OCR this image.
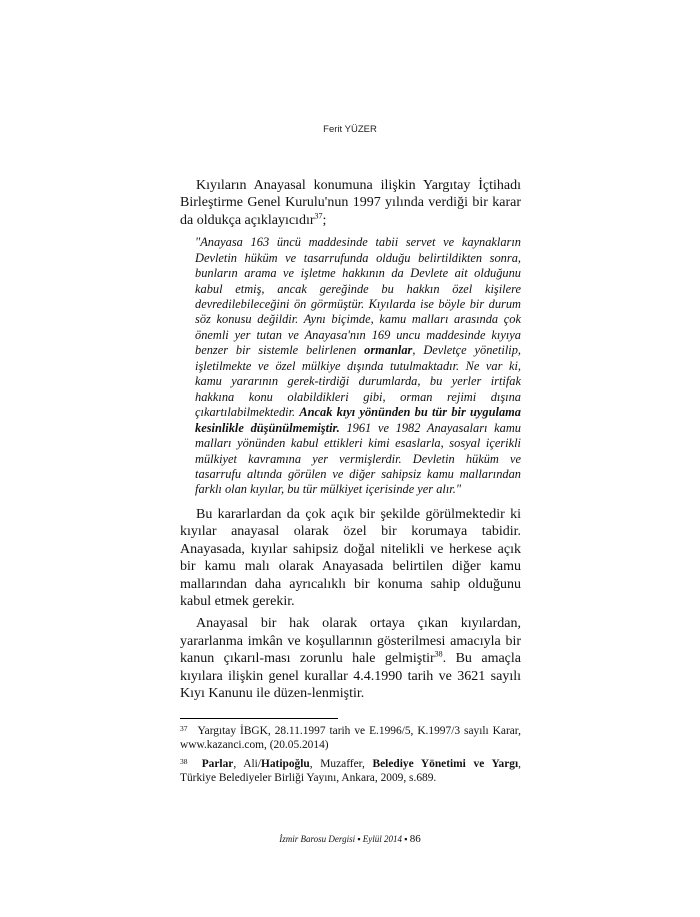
Ferit YÜZER

Kıyıların Anayasal konumuna ilişkin Yargıtay İçtihadı Birleştirme Genel Kurulu'nun 1997 yılında verdiği bir karar da oldukça açıklayıcıdır$^{37}$;

"Anayasa 163 üncü maddesinde tabii servet ve kaynakların Devletin hüküm ve tasarrufunda olduğu belirtildikten sonra, bunların arama ve işletme hakkının da Devlete ait olduğunu kabul etmiş, ancak gereğinde bu hakkın özel kişilere devredilebileceğini ön görmüştür. Kıyılarda ise böyle bir durum söz konusu değildir. Aynı biçimde, kamu malları arasında çok önemli yer tutan ve Anayasa'nın 169 uncu maddesinde kıyıya benzer bir sistemle belirlenen ormanlar, Devletçe yönetilip, işletilmekte ve özel mülkiye dışında tutulmaktadır. Ne var ki, kamu yararının gerek-tirdiği durumlarda, bu yerler irtifak hakkına konu olabildikleri gibi, orman rejimi dışına çıkartılabilmektedir. Ancak kıyı yönünden bu tür bir uygulama kesinlikle düşünülmemiştir. 1961 ve 1982 Anayasaları kamu malları yönünden kabul ettikleri kimi esaslarla, sosyal içerikli mülkiyet kavramına yer vermişlerdir. Devletin hüküm ve tasarrufu altında görülen ve diğer sahipsiz kamu mallarından farklı olan kıyılar, bu tür mülkiyet içerisinde yer alır."

Bu kararlardan da çok açık bir şekilde görülmektedir ki kıyılar anayasal olarak özel bir korumaya tabidir. Anayasada, kıyılar sahipsiz doğal nitelikli ve herkese açık bir kamu malı olarak Anayasada belirtilen diğer kamu mallarından daha ayrıcalıklı bir konuma sahip olduğunu kabul etmek gerekir.

Anayasal bir hak olarak ortaya çıkan kıyılardan, yararlanma imkân ve koşullarının gösterilmesi amacıyla bir kanun çıkarıl-ması zorunlu hale gelmiştir$^{38}$. Bu amaçla kıyılara ilişkin genel kurallar 4.4.1990 tarih ve 3621 sayılı Kıyı Kanunu ile düzen-lenmiştir.

37 Yargıtay İBGK, 28.11.1997 tarih ve E.1996/5, K.1997/3 sayılı Karar, www.kazanci.com, (20.05.2014)
38 Parlar, Ali/Hatipoğlu, Muzaffer, Belediye Yönetimi ve Yargı, Türkiye Belediyeler Birliği Yayını, Ankara, 2009, s.689.
İzmir Barosu Dergisi ▪ Eylül 2014 ▪ 86
